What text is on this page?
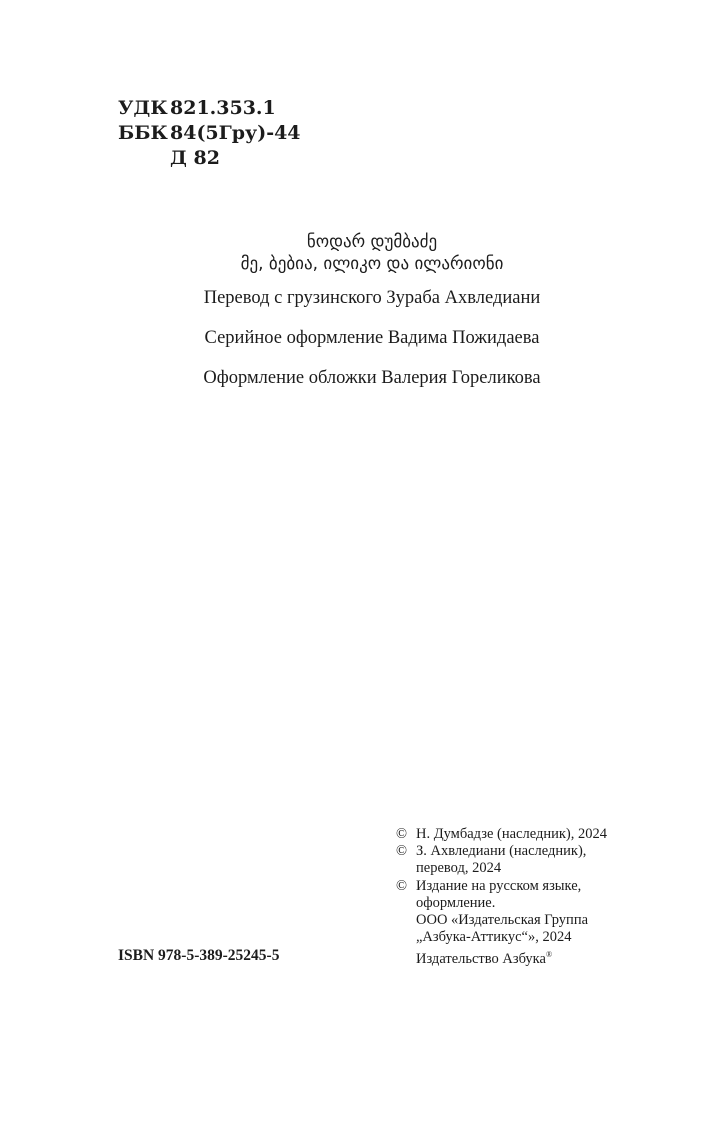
УДК 821.353.1
ББК 84(5Гру)-44
Д 82
ნოდარ დუმბაძე
მე, ბებია, ილიკო და ილარიონი
Перевод с грузинского Зураба Ахвледиани
Серийное оформление Вадима Пожидаева
Оформление обложки Валерия Гореликова
ISBN 978-5-389-25245-5
© Н. Думбадзе (наследник), 2024
© З. Ахвледиани (наследник),
перевод, 2024
© Издание на русском языке,
оформление.
ООО «Издательская Группа
„Азбука-Аттикус“», 2024
Издательство Азбука®
